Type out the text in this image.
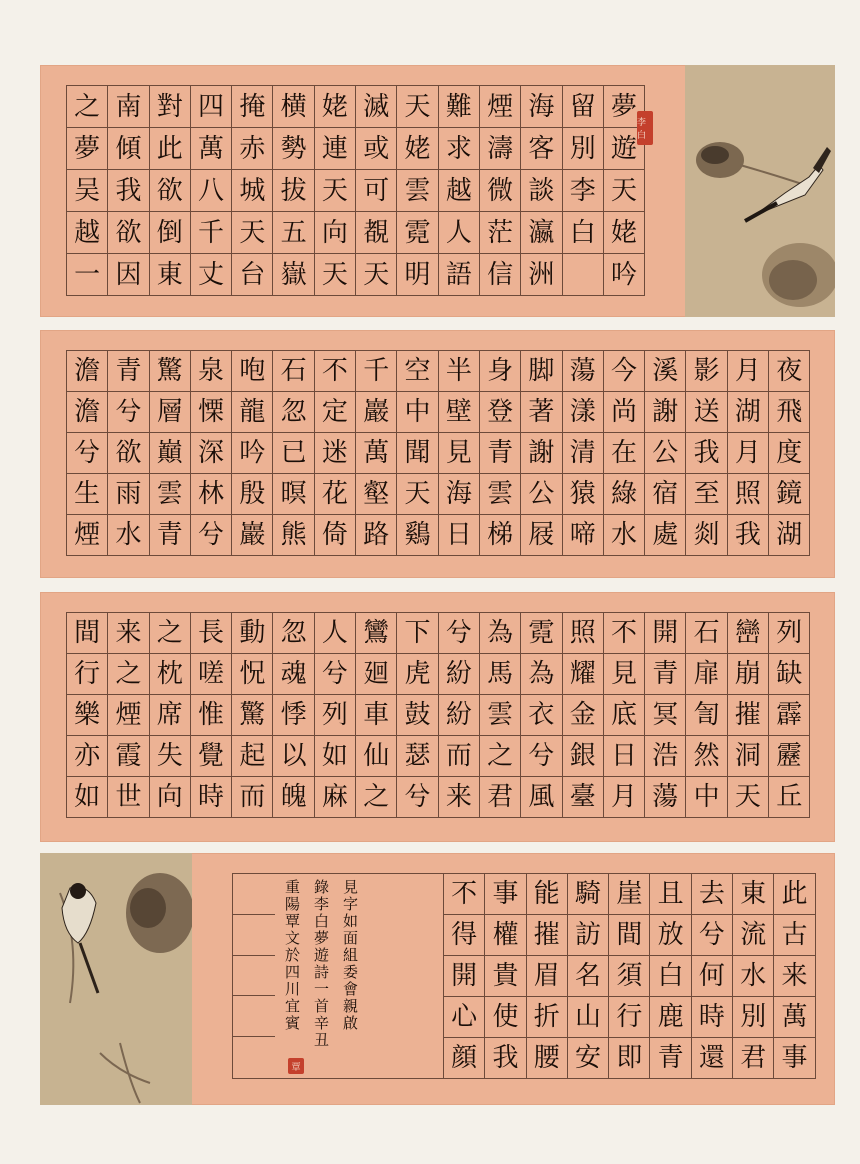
夢
遊
天
姥
吟
留
別
李
白
海
客
談
瀛
洲
煙
濤
微
茫
信
難
求
越
人
語
天
姥
雲
霓
明
滅
或
可
覩
天
姥
連
天
向
天
横
勢
拔
五
嶽
掩
赤
城
天
台
四
萬
八
千
丈
對
此
欲
倒
東
南
傾
我
欲
因
之
夢
吴
越
一
李白
夜
飛
度
鏡
湖
月
湖
月
照
我
影
送
我
至
剡
溪
謝
公
宿
處
今
尚
在
綠
水
蕩
漾
清
猿
啼
脚
著
謝
公
屐
身
登
青
雲
梯
半
壁
見
海
日
空
中
聞
天
鷄
千
巖
萬
壑
路
不
定
迷
花
倚
石
忽
已
暝
熊
咆
龍
吟
殷
巖
泉
慄
深
林
兮
驚
層
巔
雲
青
青
兮
欲
雨
水
澹
澹
兮
生
煙
列
缺
霹
靂
丘
巒
崩
摧
洞
天
石
扉
訇
然
中
開
青
冥
浩
蕩
不
見
底
日
月
照
耀
金
銀
臺
霓
為
衣
兮
風
為
馬
雲
之
君
兮
紛
紛
而
来
下
虎
鼓
瑟
兮
鸞
廻
車
仙
之
人
兮
列
如
麻
忽
魂
悸
以
魄
動
怳
驚
起
而
長
嗟
惟
覺
時
之
枕
席
失
向
来
之
煙
霞
世
間
行
樂
亦
如
此
古
来
萬
事
東
流
水
別
君
去
兮
何
時
還
且
放
白
鹿
青
崖
間
須
行
即
騎
訪
名
山
安
能
摧
眉
折
腰
事
權
貴
使
我
不
得
開
心
顔
見字如面組委會親啟
錄李白夢遊詩一首辛丑
重陽覃文於四川宜賓
覃
